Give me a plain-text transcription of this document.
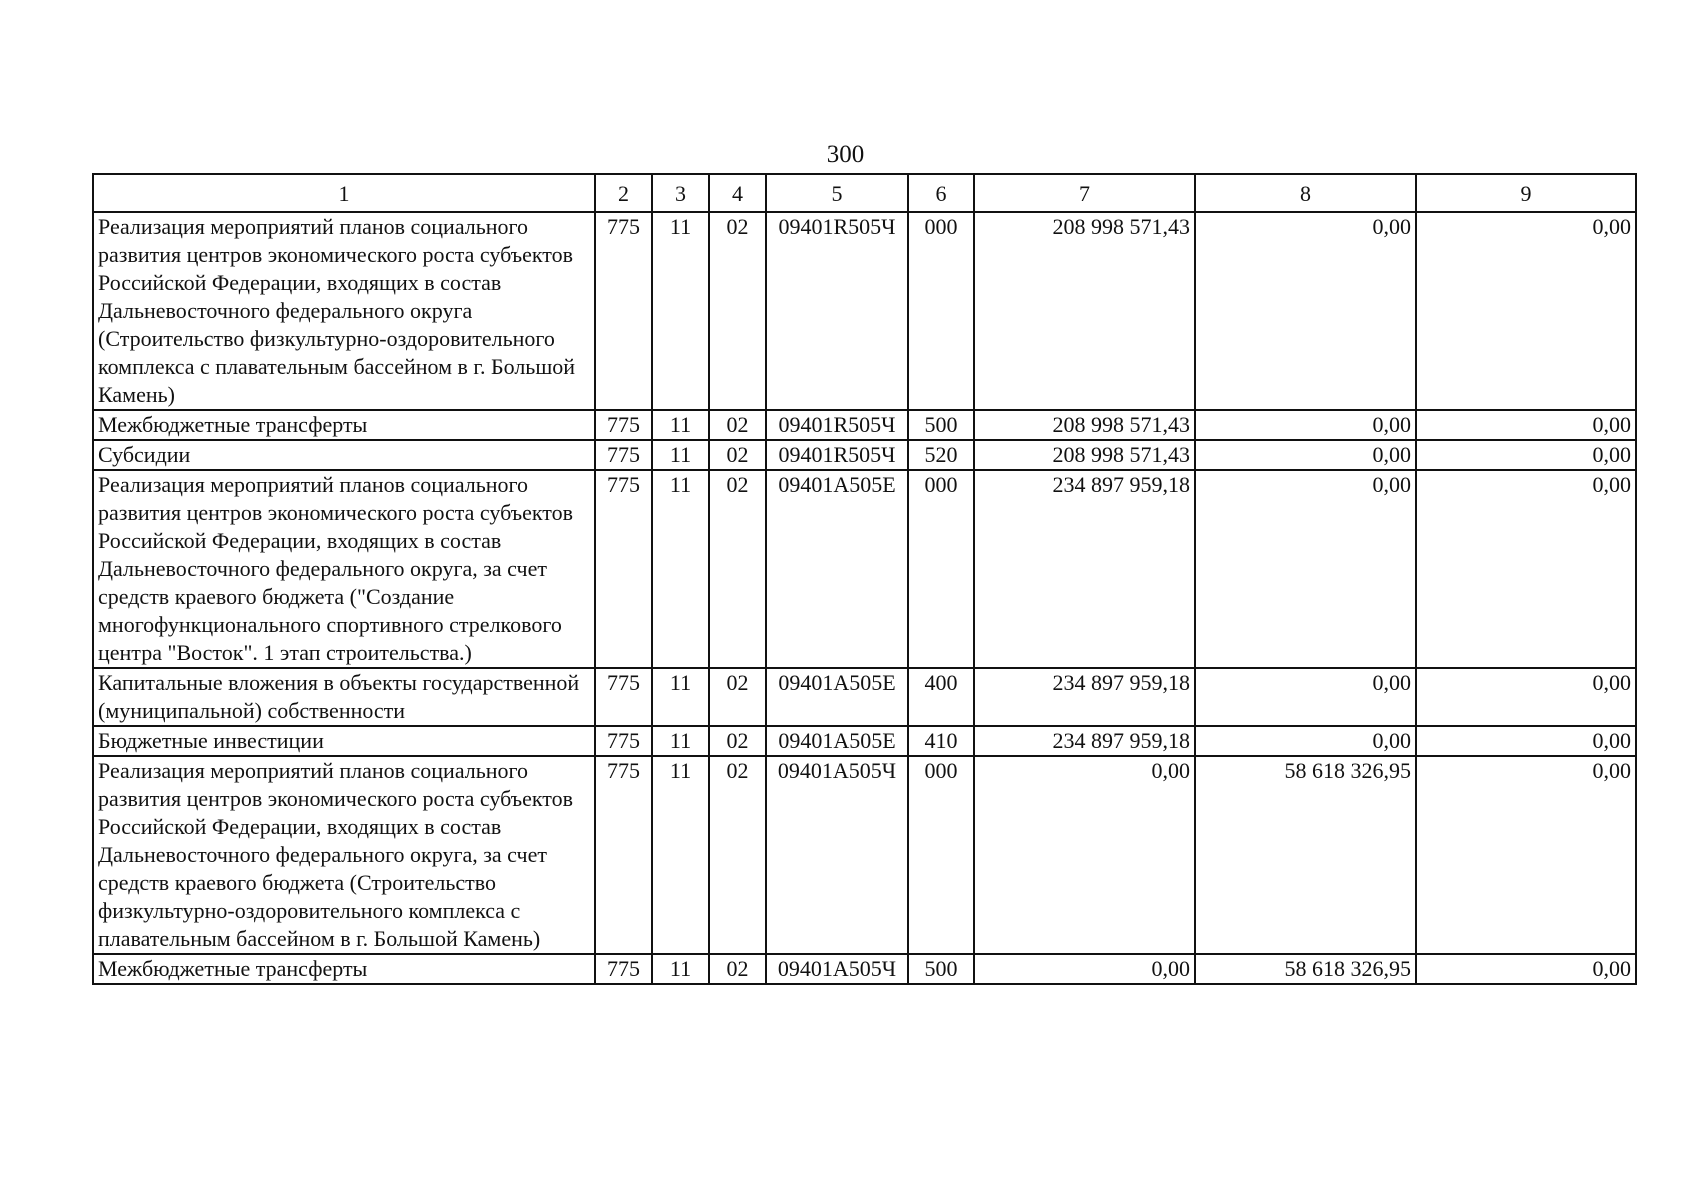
300
1	2	3	4	5	6	7	8	9
Реализация мероприятий планов социального развития центров экономического роста субъектов Российской Федерации, входящих в состав Дальневосточного федерального округа (Строительство физкультурно-оздоровительного комплекса с плавательным бассейном в г. Большой Камень)	775	11	02	09401R505Ч	000	208 998 571,43	0,00	0,00
Межбюджетные трансферты	775	11	02	09401R505Ч	500	208 998 571,43	0,00	0,00
Субсидии	775	11	02	09401R505Ч	520	208 998 571,43	0,00	0,00
Реализация мероприятий планов социального развития центров экономического роста субъектов Российской Федерации, входящих в состав Дальневосточного федерального округа, за счет средств краевого бюджета ("Создание многофункционального спортивного стрелкового центра "Восток". 1 этап строительства.)	775	11	02	09401A505E	000	234 897 959,18	0,00	0,00
Капитальные вложения в объекты государственной (муниципальной) собственности	775	11	02	09401A505E	400	234 897 959,18	0,00	0,00
Бюджетные инвестиции	775	11	02	09401A505E	410	234 897 959,18	0,00	0,00
Реализация мероприятий планов социального развития центров экономического роста субъектов Российской Федерации, входящих в состав Дальневосточного федерального округа, за счет средств краевого бюджета (Строительство физкультурно-оздоровительного комплекса с плавательным бассейном в г. Большой Камень)	775	11	02	09401A505Ч	000	0,00	58 618 326,95	0,00
Межбюджетные трансферты	775	11	02	09401A505Ч	500	0,00	58 618 326,95	0,00
